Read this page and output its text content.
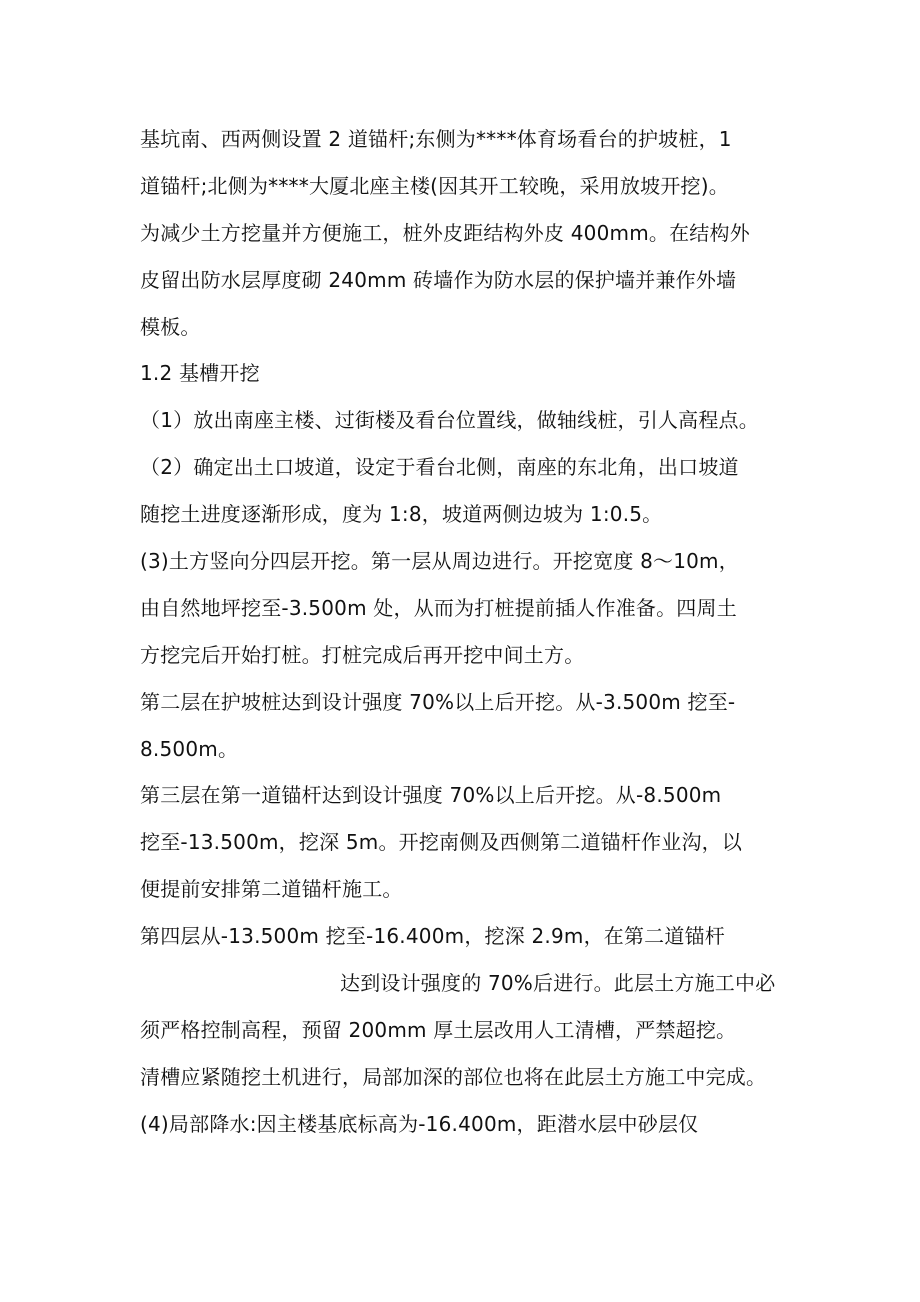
基坑南、西两侧设置 2 道锚杆;东侧为****体育场看台的护坡桩，1
道锚杆;北侧为****大厦北座主楼(因其开工较晚，采用放坡开挖)。
为减少土方挖量并方便施工，桩外皮距结构外皮 400mm。在结构外
皮留出防水层厚度砌 240mm 砖墙作为防水层的保护墙并兼作外墙
模板。
1.2 基槽开挖
（1）放出南座主楼、过街楼及看台位置线，做轴线桩，引人高程点。
（2）确定出土口坡道，设定于看台北侧，南座的东北角，出口坡道
随挖土进度逐渐形成，度为 1:8，坡道两侧边坡为 1:0.5。
(3)土方竖向分四层开挖。第一层从周边进行。开挖宽度 8～10m，
由自然地坪挖至-3.500m 处，从而为打桩提前插人作准备。四周土
方挖完后开始打桩。打桩完成后再开挖中间土方。
第二层在护坡桩达到设计强度 70%以上后开挖。从-3.500m 挖至-
8.500m。
第三层在第一道锚杆达到设计强度 70%以上后开挖。从-8.500m
挖至-13.500m，挖深 5m。开挖南侧及西侧第二道锚杆作业沟，以
便提前安排第二道锚杆施工。
第四层从-13.500m 挖至-16.400m，挖深 2.9m，在第二道锚杆
达到设计强度的 70%后进行。此层土方施工中必
须严格控制高程，预留 200mm 厚土层改用人工清槽，严禁超挖。
清槽应紧随挖土机进行，局部加深的部位也将在此层土方施工中完成。
(4)局部降水:因主楼基底标高为-16.400m，距潜水层中砂层仅
